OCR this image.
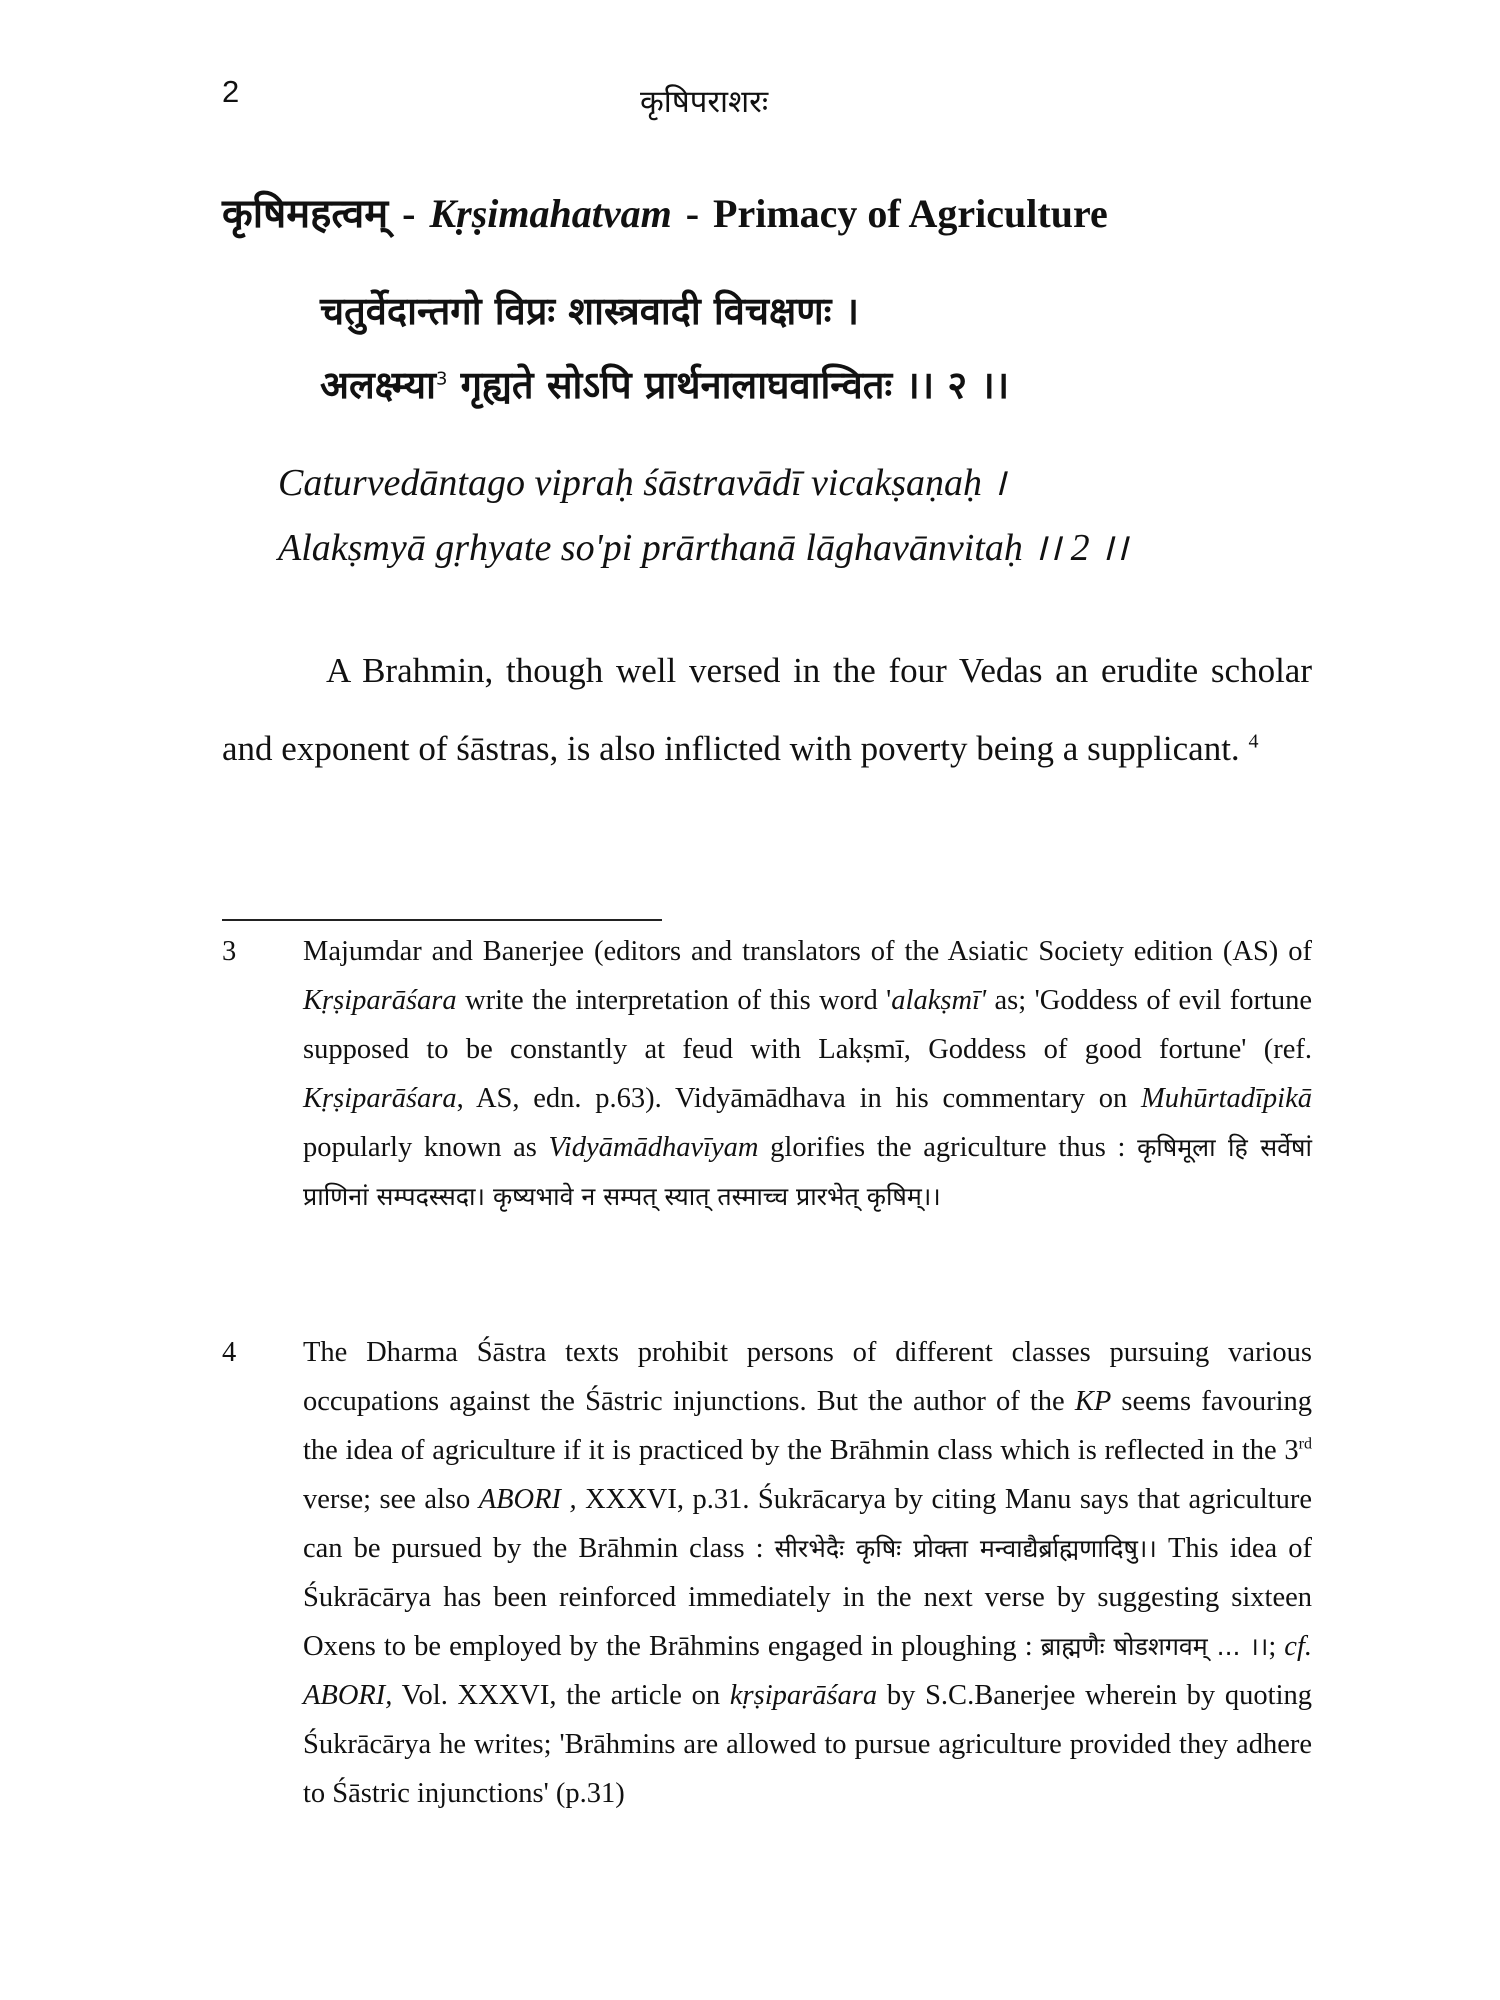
2	कृषिपराशरः
कृषिमहत्वम् - Kṛṣimahatvam - Primacy of Agriculture
चतुर्वेदान्तगो विप्रः शास्त्रवादी विचक्षणः ।
अलक्ष्म्या$^3$ गृह्यते सोऽपि प्रार्थनालाघवान्वितः ।। २ ।।
Caturvedāntago vipraḥ śāstravādī vicakṣaṇaḥ ।
Alakṣmyā gṛhyate so'pi prārthanā lāghavānvitaḥ ।। 2 ।।
A Brahmin, though well versed in the four Vedas an erudite scholar and exponent of śāstras, is also inflicted with poverty being a supplicant. $^4$
3 Majumdar and Banerjee (editors and translators of the Asiatic Society edition (AS) of Kṛṣiparāśara write the interpretation of this word 'alakṣmī' as; 'Goddess of evil fortune supposed to be constantly at feud with Lakṣmī, Goddess of good fortune' (ref. Kṛṣiparāśara, AS, edn. p.63). Vidyāmādhava in his commentary on Muhūrtadīpikā popularly known as Vidyāmādhavīyam glorifies the agriculture thus : कृषिमूला हि सर्वेषां प्राणिनां सम्पदस्सदा। कृष्यभावे न सम्पत् स्यात् तस्माच्च प्रारभेत् कृषिम्।।
4 The Dharma Śāstra texts prohibit persons of different classes pursuing various occupations against the Śāstric injunctions. But the author of the KP seems favouring the idea of agriculture if it is practiced by the Brāhmin class which is reflected in the 3rd verse; see also ABORI , XXXVI, p.31. Śukrācarya by citing Manu says that agriculture can be pursued by the Brāhmin class : सीरभेदैः कृषिः प्रोक्ता मन्वाद्यैर्ब्राह्मणादिषु।। This idea of Śukrācārya has been reinforced immediately in the next verse by suggesting sixteen Oxens to be employed by the Brāhmins engaged in ploughing : ब्राह्मणैः षोडशगवम् ... ।।; cf. ABORI, Vol. XXXVI, the article on kṛṣiparāśara by S.C.Banerjee wherein by quoting Śukrācārya he writes; 'Brāhmins are allowed to pursue agriculture provided they adhere to Śāstric injunctions' (p.31)
